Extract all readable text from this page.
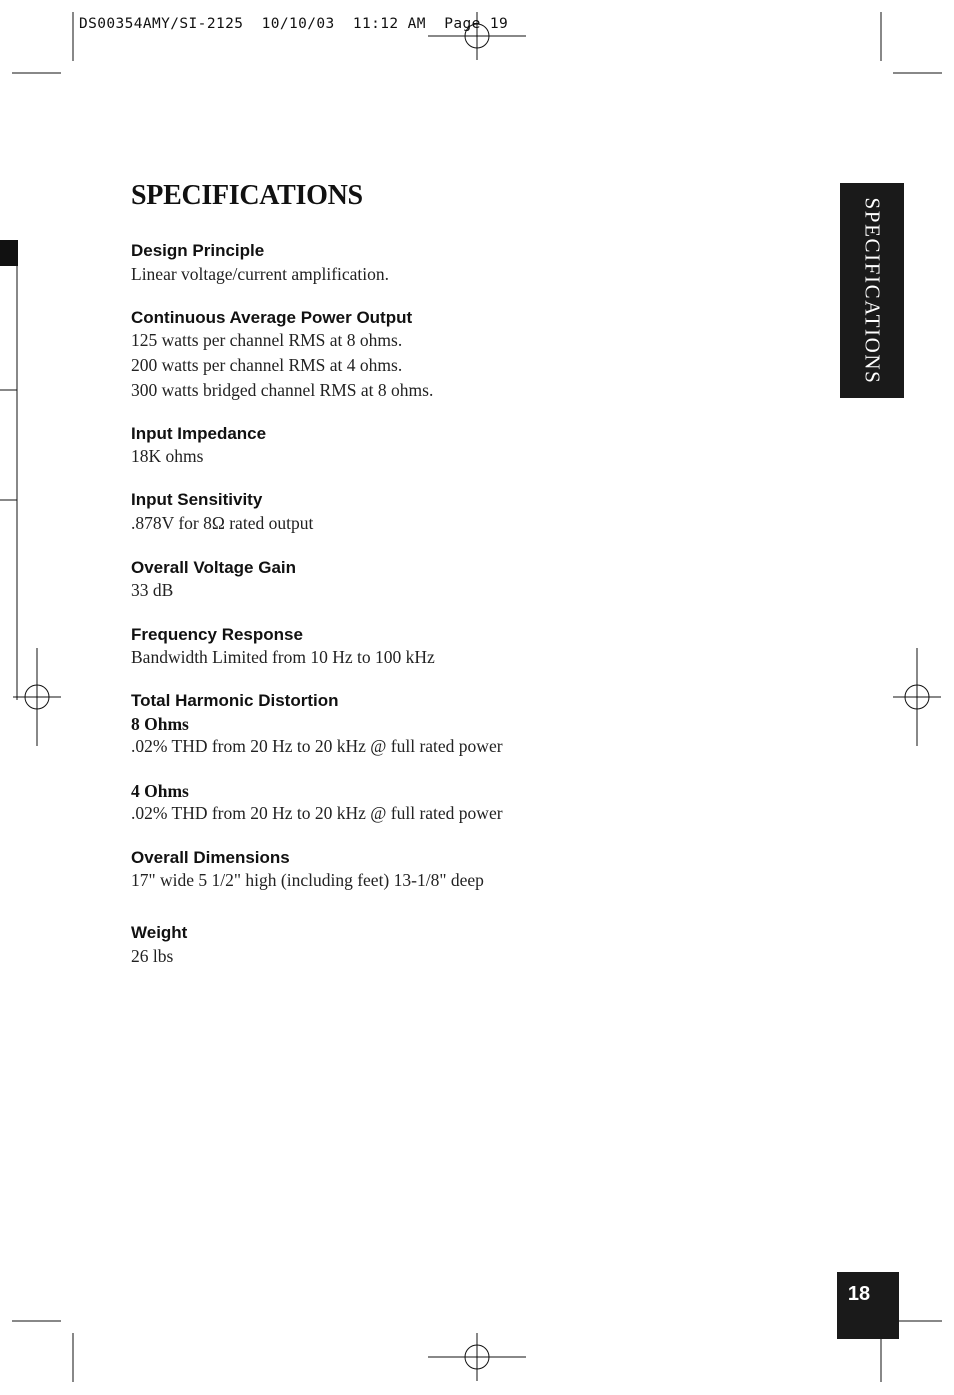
DS00354AMY/SI-2125  10/10/03  11:12 AM  Page 19
SPECIFICATIONS
SPECIFICATIONS

Design Principle

Linear voltage/current amplification.

Continuous Average Power Output

125 watts per channel RMS at 8 ohms.

200 watts per channel RMS at 4 ohms.

300 watts bridged channel RMS at 8 ohms.

Input Impedance

18K ohms

Input Sensitivity

.878V for 8Ω rated output

Overall Voltage Gain

33 dB

Frequency Response

Bandwidth Limited from 10 Hz to 100 kHz

Total Harmonic Distortion

8 Ohms

.02% THD from 20 Hz to 20 kHz @ full rated power

4 Ohms

.02% THD from 20 Hz to 20 kHz @ full rated power

Overall Dimensions

17" wide 5 1/2" high (including feet) 13-1/8" deep

Weight

26 lbs

18
